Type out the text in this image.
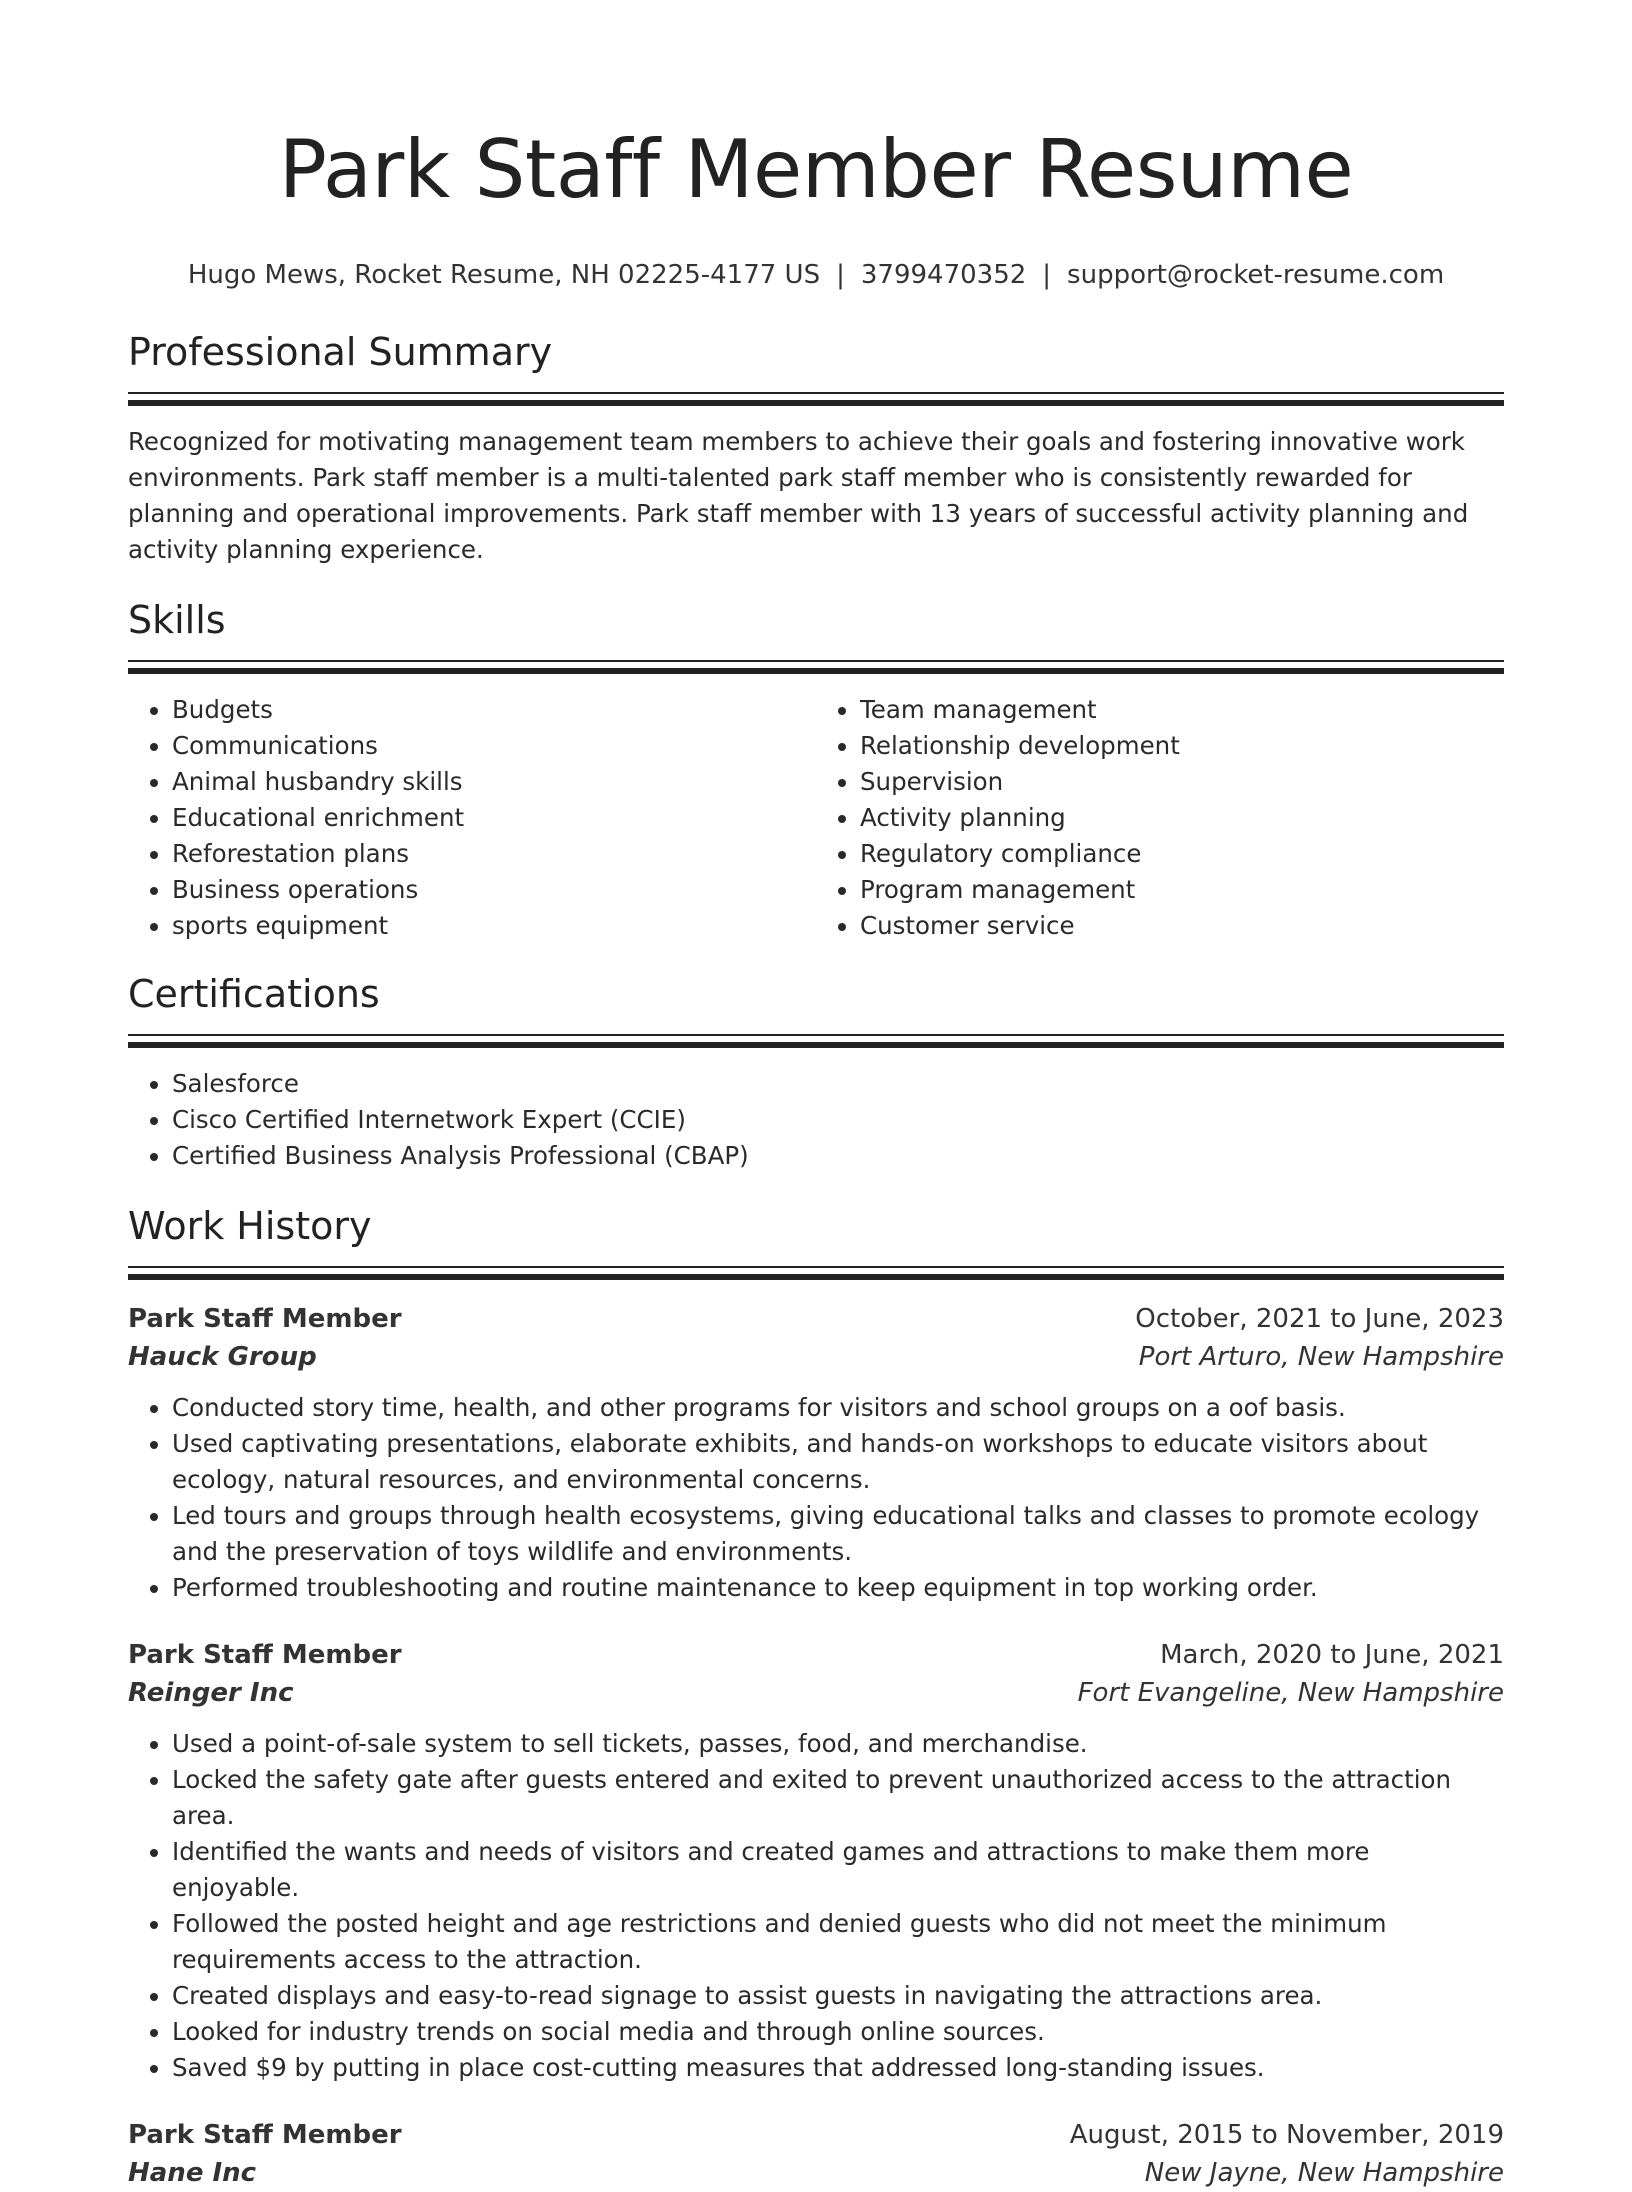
Park Staff Member Resume
Hugo Mews, Rocket Resume, NH 02225-4177 US | 3799470352 | support@rocket-resume.com
Professional Summary

Recognized for motivating management team members to achieve their goals and fostering innovative work environments. Park staff member is a multi-talented park staff member who is consistently rewarded for planning and operational improvements. Park staff member with 13 years of successful activity planning and activity planning experience.

Skills
• Budgets
• Communications
• Animal husbandry skills
• Educational enrichment
• Reforestation plans
• Business operations
• sports equipment
• Team management
• Relationship development
• Supervision
• Activity planning
• Regulatory compliance
• Program management
• Customer service
Certifications
• Salesforce
• Cisco Certified Internetwork Expert (CCIE)
• Certified Business Analysis Professional (CBAP)
Work History
Park Staff Member	October, 2021 to June, 2023
Hauck Group	Port Arturo, New Hampshire
• Conducted story time, health, and other programs for visitors and school groups on a oof basis.
• Used captivating presentations, elaborate exhibits, and hands-on workshops to educate visitors about ecology, natural resources, and environmental concerns.
• Led tours and groups through health ecosystems, giving educational talks and classes to promote ecology and the preservation of toys wildlife and environments.
• Performed troubleshooting and routine maintenance to keep equipment in top working order.
Park Staff Member	March, 2020 to June, 2021
Reinger Inc	Fort Evangeline, New Hampshire
• Used a point-of-sale system to sell tickets, passes, food, and merchandise.
• Locked the safety gate after guests entered and exited to prevent unauthorized access to the attraction area.
• Identified the wants and needs of visitors and created games and attractions to make them more enjoyable.
• Followed the posted height and age restrictions and denied guests who did not meet the minimum requirements access to the attraction.
• Created displays and easy-to-read signage to assist guests in navigating the attractions area.
• Looked for industry trends on social media and through online sources.
• Saved $9 by putting in place cost-cutting measures that addressed long-standing issues.
Park Staff Member	August, 2015 to November, 2019
Hane Inc	New Jayne, New Hampshire
